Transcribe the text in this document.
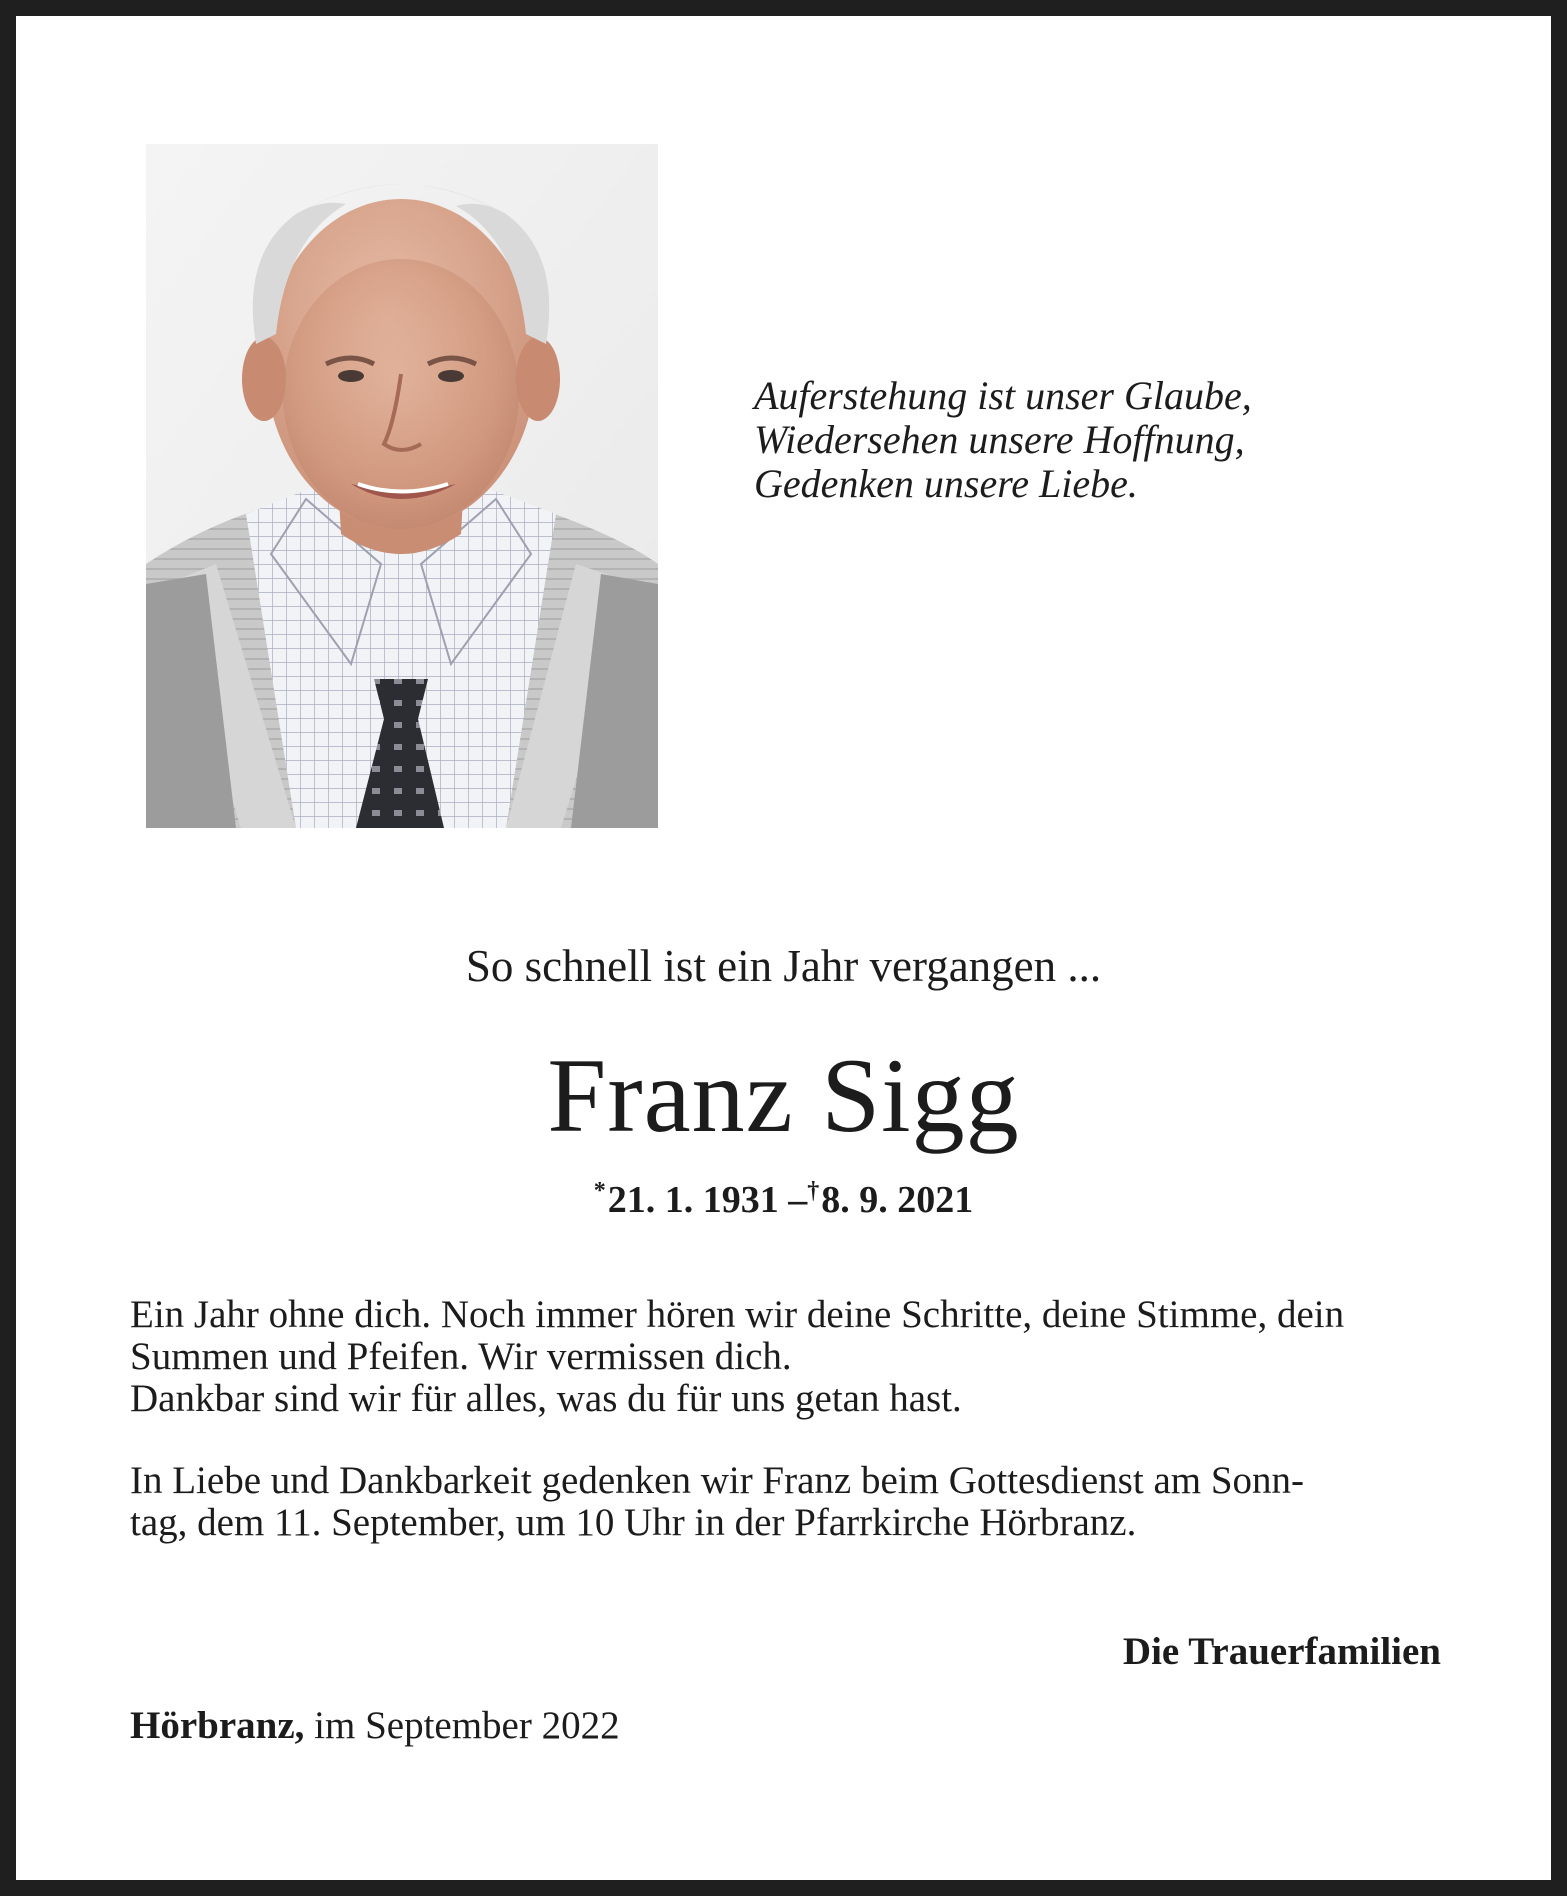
Auferstehung ist unser Glaube,
Wiedersehen unsere Hoffnung,
Gedenken unsere Liebe.
So schnell ist ein Jahr vergangen ...
Franz Sigg
*21. 1. 1931 –†8. 9. 2021
Ein Jahr ohne dich. Noch immer hören wir deine Schritte, deine Stimme, dein
Summen und Pfeifen. Wir vermissen dich.
Dankbar sind wir für alles, was du für uns getan hast.
In Liebe und Dankbarkeit gedenken wir Franz beim Gottesdienst am Sonn-
tag, dem 11. September, um 10 Uhr in der Pfarrkirche Hörbranz.
Die Trauerfamilien
Hörbranz, im September 2022
